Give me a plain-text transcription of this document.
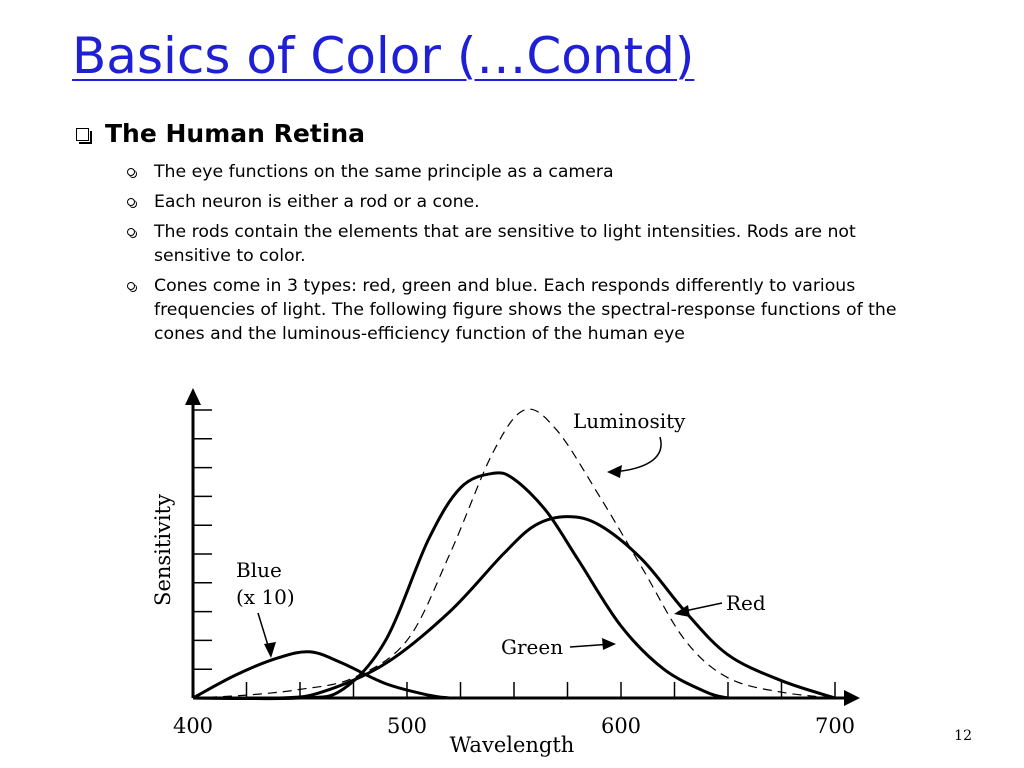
Basics of Color (…Contd)
The Human Retina
The eye functions on the same principle as a camera
Each neuron is either a rod or a cone.
The rods contain the elements that are sensitive to light intensities. Rods are not sensitive to color.
Cones come in 3 types: red, green and blue. Each responds differently to various frequencies of light. The following figure shows the spectral-response functions of the cones and the luminous-efficiency function of the human eye
400	500	600	700
Luminosity
Red
Green
Blue (x 10)
Wavelength
Sensitivity
12
